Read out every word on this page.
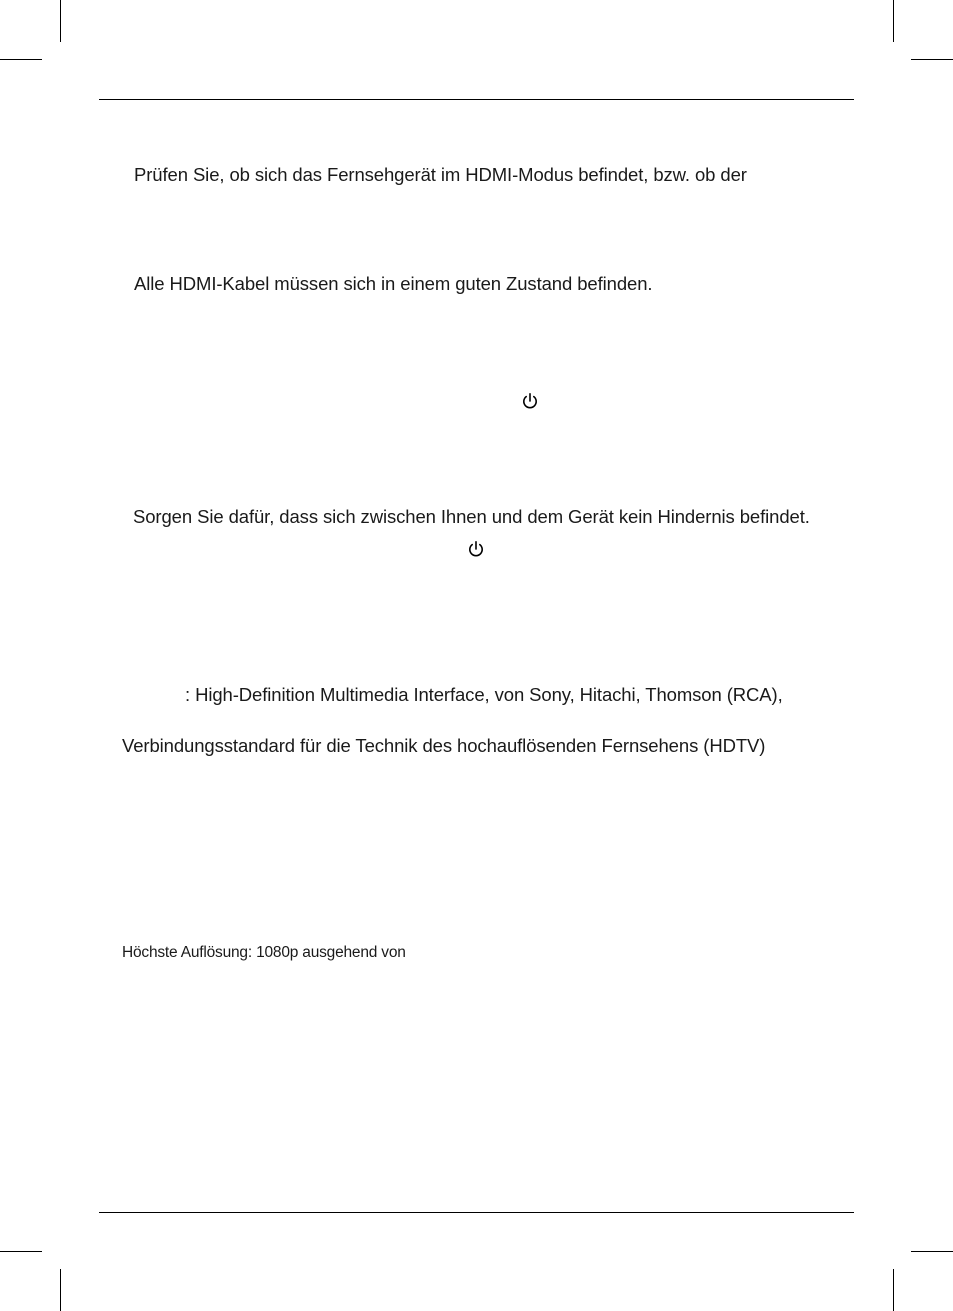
Prüfen Sie, ob sich das Fernsehgerät im HDMI-Modus befindet, bzw. ob der
Alle HDMI-Kabel müssen sich in einem guten Zustand befinden.
Sorgen Sie dafür, dass sich zwischen Ihnen und dem Gerät kein Hindernis befindet.
: High-Definition Multimedia Interface, von Sony, Hitachi, Thomson (RCA),
Verbindungsstandard für die Technik des hochauflösenden Fernsehens (HDTV)
Höchste Auflösung: 1080p ausgehend von
